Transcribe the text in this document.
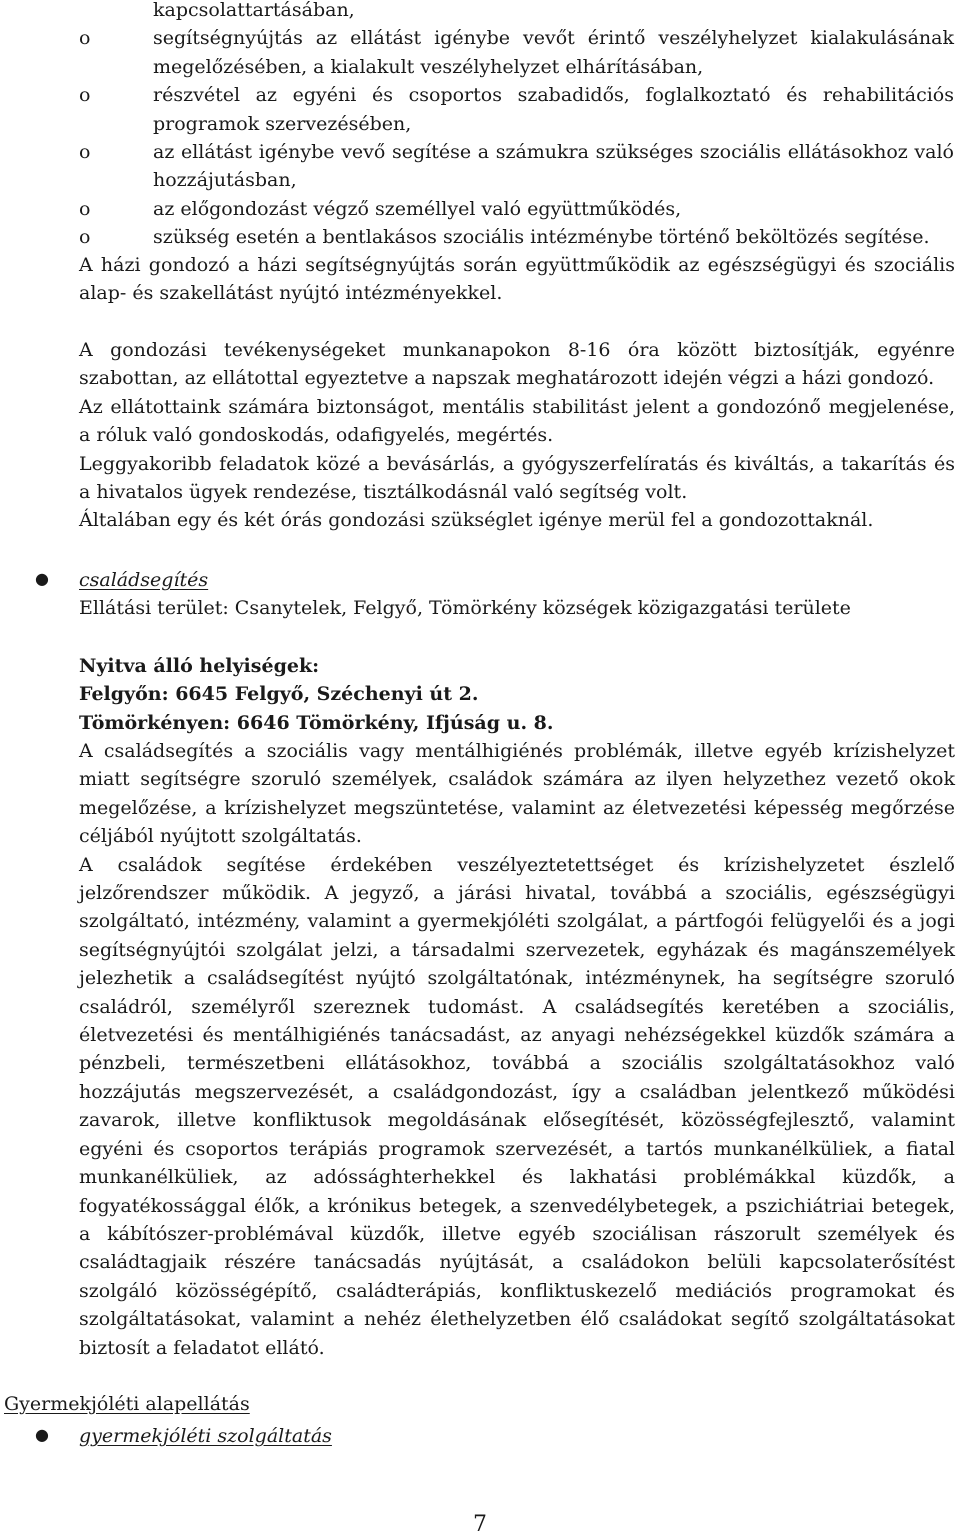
kapcsolattartásában,
o	segítségnyújtás az ellátást igénybe vevőt érintő veszélyhelyzet kialakulásának megelőzésében, a kialakult veszélyhelyzet elhárításában,
o	részvétel az egyéni és csoportos szabadidős, foglalkoztató és rehabilitációs programok szervezésében,
o	az ellátást igénybe vevő segítése a számukra szükséges szociális ellátásokhoz való hozzájutásban,
o	az előgondozást végző személlyel való együttműködés,
o	szükség esetén a bentlakásos szociális intézménybe történő beköltözés segítése.
A házi gondozó a házi segítségnyújtás során együttműködik az egészségügyi és szociális alap- és szakellátást nyújtó intézményekkel.
A gondozási tevékenységeket munkanapokon 8-16 óra között biztosítják, egyénre szabottan, az ellátottal egyeztetve a napszak meghatározott idején végzi a házi gondozó.
Az ellátottaink számára biztonságot, mentális stabilitást jelent a gondozónő megjelenése, a róluk való gondoskodás, odafigyelés, megértés.
Leggyakoribb feladatok közé a bevásárlás, a gyógyszerfelíratás és kiváltás, a takarítás és a hivatalos ügyek rendezése, tisztálkodásnál való segítség volt.
Általában egy és két órás gondozási szükséglet igénye merül fel a gondozottaknál.
● családsegítés
Ellátási terület: Csanytelek, Felgyő, Tömörkény községek közigazgatási területe
Nyitva álló helyiségek:
Felgyőn: 6645 Felgyő, Széchenyi út 2.
Tömörkényen: 6646 Tömörkény, Ifjúság u. 8.
A családsegítés a szociális vagy mentálhigiénés problémák, illetve egyéb krízishelyzet miatt segítségre szoruló személyek, családok számára az ilyen helyzethez vezető okok megelőzése, a krízishelyzet megszüntetése, valamint az életvezetési képesség megőrzése céljából nyújtott szolgáltatás.
A családok segítése érdekében veszélyeztetettséget és krízishelyzetet észlelő jelzőrendszer működik. A jegyző, a járási hivatal, továbbá a szociális, egészségügyi szolgáltató, intézmény, valamint a gyermekjóléti szolgálat, a pártfogói felügyelői és a jogi segítségnyújtói szolgálat jelzi, a társadalmi szervezetek, egyházak és magánszemélyek jelezhetik a családsegítést nyújtó szolgáltatónak, intézménynek, ha segítségre szoruló családról, személyről szereznek tudomást. A családsegítés keretében a szociális, életvezetési és mentálhigiénés tanácsadást, az anyagi nehézségekkel küzdők számára a pénzbeli, természetbeni ellátásokhoz, továbbá a szociális szolgáltatásokhoz való hozzájutás megszervezését, a családgondozást, így a családban jelentkező működési zavarok, illetve konfliktusok megoldásának elősegítését, közösségfejlesztő, valamint egyéni és csoportos terápiás programok szervezését, a tartós munkanélküliek, a fiatal munkanélküliek, az adóssághterhekkel és lakhatási problémákkal küzdők, a fogyatékossággal élők, a krónikus betegek, a szenvedélybetegek, a pszichiátriai betegek, a kábítószer-problémával küzdők, illetve egyéb szociálisan rászorult személyek és családtagjaik részére tanácsadás nyújtását, a családokon belüli kapcsolaterősítést szolgáló közösségépítő, családterápiás, konfliktuskezelő mediációs programokat és szolgáltatásokat, valamint a nehéz élethelyzetben élő családokat segítő szolgáltatásokat biztosít a feladatot ellátó.
Gyermekjóléti alapellátás
● gyermekjóléti szolgáltatás
7
